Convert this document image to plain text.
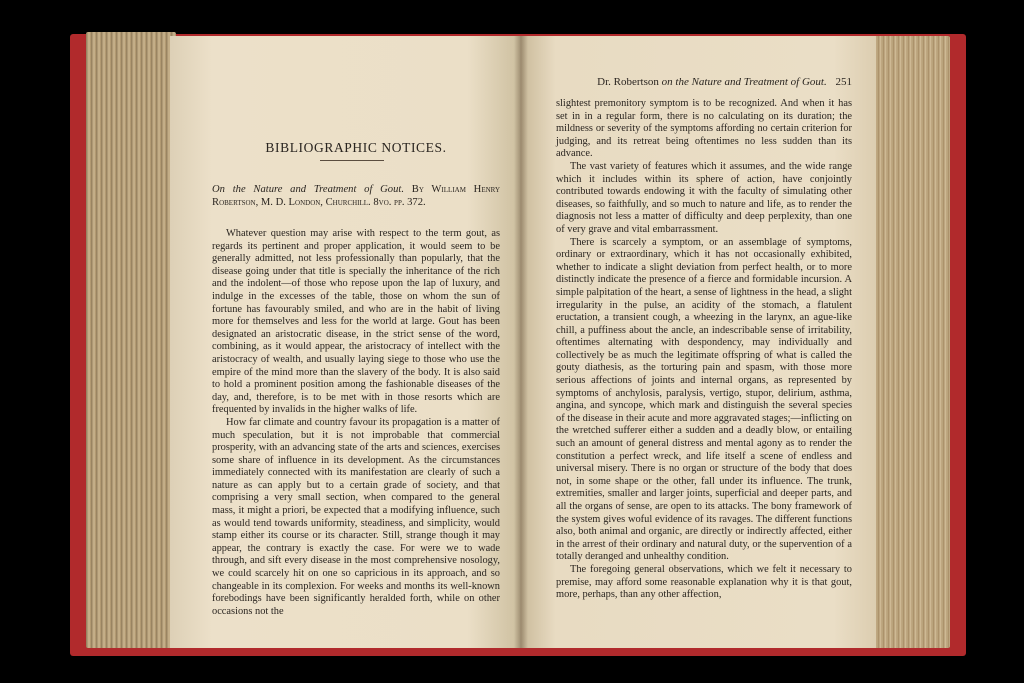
BIBLIOGRAPHIC NOTICES.
On the Nature and Treatment of Gout. By William Henry Robertson, M. D. London, Churchill. 8vo. pp. 372.

Whatever question may arise with respect to the term gout, as regards its pertinent and proper application, it would seem to be generally admitted, not less professionally than popularly, that the disease going under that title is specially the inheritance of the rich and the indolent—of those who repose upon the lap of luxury, and indulge in the excesses of the table, those on whom the sun of fortune has favourably smiled, and who are in the habit of living more for themselves and less for the world at large. Gout has been designated an aristocratic disease, in the strict sense of the word, combining, as it would appear, the aristocracy of intellect with the aristocracy of wealth, and usually laying siege to those who use the empire of the mind more than the slavery of the body. It is also said to hold a prominent position among the fashionable diseases of the day, and, therefore, is to be met with in those resorts which are frequented by invalids in the higher walks of life.

How far climate and country favour its propagation is a matter of much speculation, but it is not improbable that commercial prosperity, with an advancing state of the arts and sciences, exercises some share of influence in its development. As the circumstances immediately connected with its manifestation are clearly of such a nature as can apply but to a certain grade of society, and that comprising a very small section, when compared to the general mass, it might a priori, be expected that a modifying influence, such as would tend towards uniformity, steadiness, and simplicity, would stamp either its course or its character. Still, strange though it may appear, the contrary is exactly the case. For were we to wade through, and sift every disease in the most comprehensive nosology, we could scarcely hit on one so capricious in its approach, and so changeable in its complexion. For weeks and months its well-known forebodings have been significantly heralded forth, while on other occasions not the

Dr. Robertson on the Nature and Treatment of Gout. 251

slightest premonitory symptom is to be recognized. And when it has set in in a regular form, there is no calculating on its duration; the mildness or severity of the symptoms affording no certain criterion for judging, and its retreat being oftentimes no less sudden than its advance.

The vast variety of features which it assumes, and the wide range which it includes within its sphere of action, have conjointly contributed towards endowing it with the faculty of simulating other diseases, so faithfully, and so much to nature and life, as to render the diagnosis not less a matter of difficulty and deep perplexity, than one of very grave and vital embarrassment.

There is scarcely a symptom, or an assemblage of symptoms, ordinary or extraordinary, which it has not occasionally exhibited, whether to indicate a slight deviation from perfect health, or to more distinctly indicate the presence of a fierce and formidable incursion. A simple palpitation of the heart, a sense of lightness in the head, a slight irregularity in the pulse, an acidity of the stomach, a flatulent eructation, a transient cough, a wheezing in the larynx, an ague-like chill, a puffiness about the ancle, an indescribable sense of irritability, oftentimes alternating with despondency, may individually and collectively be as much the legitimate offspring of what is called the gouty diathesis, as the torturing pain and spasm, with those more serious affections of joints and internal organs, as represented by symptoms of anchylosis, paralysis, vertigo, stupor, delirium, asthma, angina, and syncope, which mark and distinguish the several species of the disease in their acute and more aggravated stages;—inflicting on the wretched sufferer either a sudden and a deadly blow, or entailing such an amount of general distress and mental agony as to render the constitution a perfect wreck, and life itself a scene of endless and universal misery. There is no organ or structure of the body that does not, in some shape or the other, fall under its influence. The trunk, extremities, smaller and larger joints, superficial and deeper parts, and all the organs of sense, are open to its attacks. The bony framework of the system gives woful evidence of its ravages. The different functions also, both animal and organic, are directly or indirectly affected, either in the arrest of their ordinary and natural duty, or the supervention of a totally deranged and unhealthy condition.

The foregoing general observations, which we felt it necessary to premise, may afford some reasonable explanation why it is that gout, more, perhaps, than any other affection,
